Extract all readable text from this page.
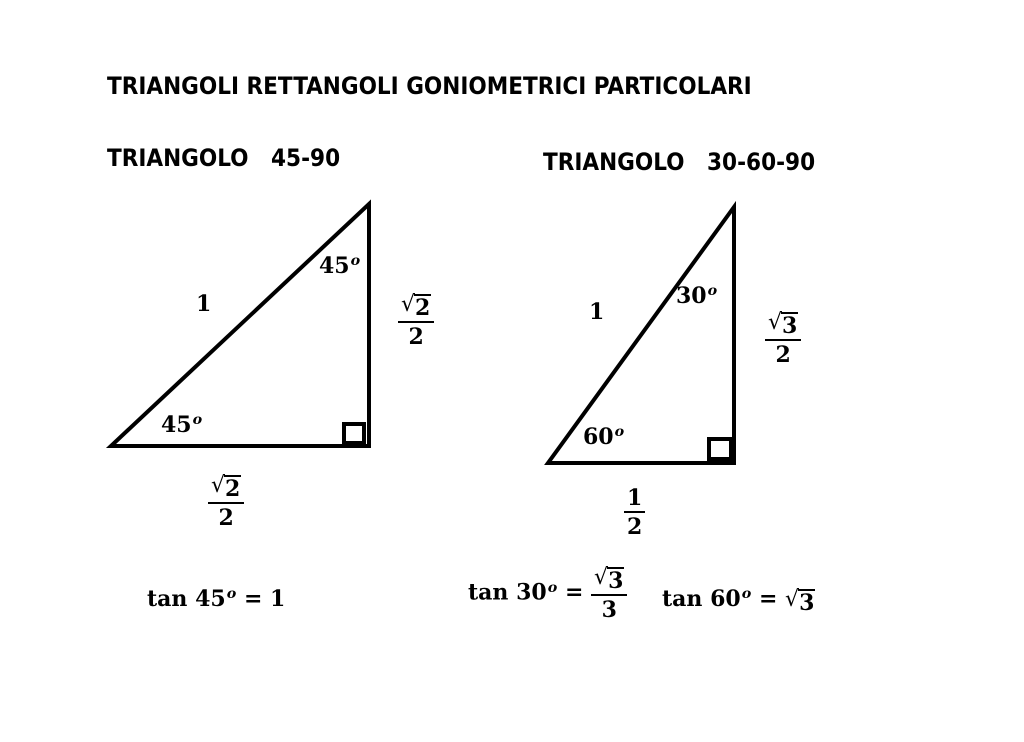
TRIANGOLI RETTANGOLI GONIOMETRICI PARTICOLARI
TRIANGOLO   45-90	TRIANGOLO   30-60-90
1
45$^o$
45$^o$
$\frac{√ 2}{2}$
$\frac{√ 2}{2}$
1
30$^o$
60$^o$
$\frac{√ 3}{2}$
$\frac{1}{2}$
$\tan 45^o = 1$	$\tan 30^o = \frac{√ 3}{3}$ $\tan 60^o$ = √ 3
